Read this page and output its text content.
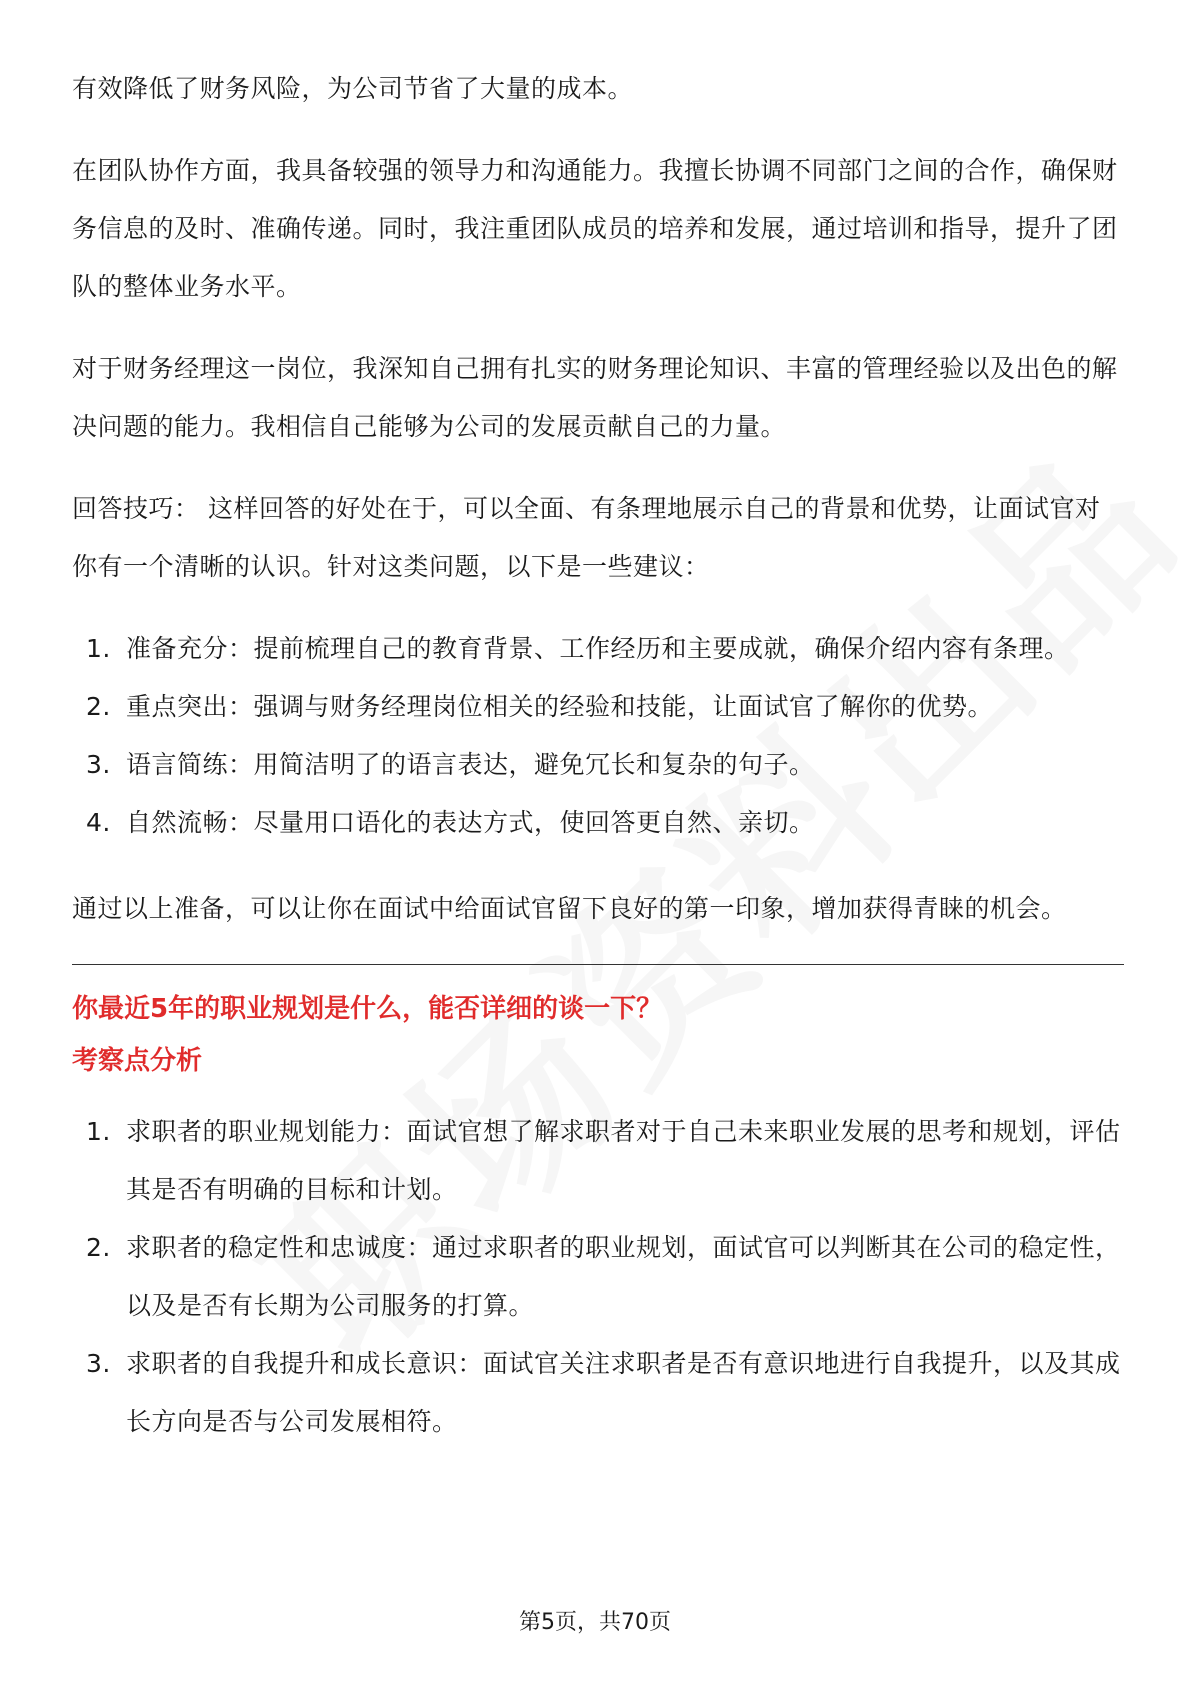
有效降低了财务风险，为公司节省了大量的成本。

在团队协作方面，我具备较强的领导力和沟通能力。我擅长协调不同部门之间的合作，确保财务信息的及时、准确传递。同时，我注重团队成员的培养和发展，通过培训和指导，提升了团队的整体业务水平。

对于财务经理这一岗位，我深知自己拥有扎实的财务理论知识、丰富的管理经验以及出色的解决问题的能力。我相信自己能够为公司的发展贡献自己的力量。

回答技巧： 这样回答的好处在于，可以全面、有条理地展示自己的背景和优势，让面试官对你有一个清晰的认识。针对这类问题，以下是一些建议：

1. 准备充分：提前梳理自己的教育背景、工作经历和主要成就，确保介绍内容有条理。
2. 重点突出：强调与财务经理岗位相关的经验和技能，让面试官了解你的优势。
3. 语言简练：用简洁明了的语言表达，避免冗长和复杂的句子。
4. 自然流畅：尽量用口语化的表达方式，使回答更自然、亲切。

通过以上准备，可以让你在面试中给面试官留下良好的第一印象，增加获得青睐的机会。

你最近5年的职业规划是什么，能否详细的谈一下？
考察点分析
1. 求职者的职业规划能力：面试官想了解求职者对于自己未来职业发展的思考和规划，评估其是否有明确的目标和计划。
2. 求职者的稳定性和忠诚度：通过求职者的职业规划，面试官可以判断其在公司的稳定性，以及是否有长期为公司服务的打算。
3. 求职者的自我提升和成长意识：面试官关注求职者是否有意识地进行自我提升，以及其成长方向是否与公司发展相符。
第5页，共70页
